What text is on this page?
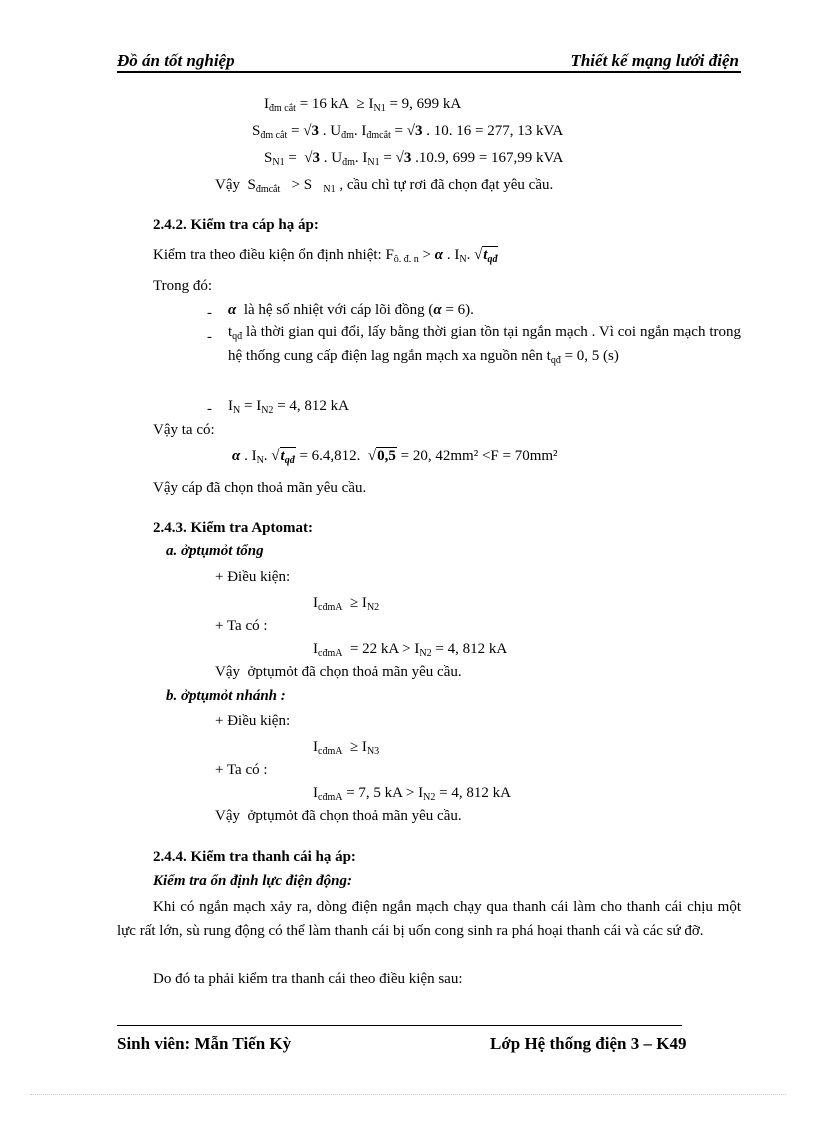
Đồ án tốt nghiệp	Thiết kế mạng lưới điện
$I_{đm cắt} = 16$ kA  ≥ $I_{N1} = 9$, 699 kA
$S_{đm cắt} = √3$ . $U_{đm}$. $I_{đmcắt} = √3$ . 10. 16 = 277, 13 kVA
$S_{N1} = √3$ . $U_{đm}$. $I_{N1} = √3$ .10.9, 699 = 167,99 kVA
Vậy  $S_{đmcắt} > S$   $_{N1}$ , cầu chì tự rơi đã chọn đạt yêu cầu.
2.4.2. Kiểm tra cáp hạ áp:
Kiểm tra theo điều kiện ổn định nhiệt: $F_{ô. đ. n} > \alpha$ . $I_N$. $√t_{qđ}$
Trong đó:
- α  là hệ số nhiệt với cáp lõi đồng (α = 6).
- $t_{qđ}$ là thời gian qui đổi, lấy bằng thời gian tồn tại ngắn mạch . Vì coi ngắn mạch trong hệ thống cung cấp điện lag ngắn mạch xa nguồn nên $t_{qđ} = 0$, 5 (s)
- $I_N = I_{N2} = 4$, 812 kA
Vậy ta có:
α . $I_N$. $√t_{qđ} = 6.4,812$.  √0,5 = 20, 42mm² <F = 70mm²
Vậy cáp đã chọn thoả mãn yêu cầu.
2.4.3. Kiểm tra Aptomat:
a. ởptụmỏt tổng
+ Điều kiện:
$I_{cđmA} \ge I_{N2}$
+ Ta có :
$I_{cđmA} = 22$ kA > $I_{N2} = 4$, 812 kA
Vậy  ởptụmỏt đã chọn thoả mãn yêu cầu.
b. ởptụmỏt nhánh :
+ Điều kiện:
$I_{cđmA} \ge I_{N3}$
+ Ta có :
$I_{cđmA} = 7$, 5 kA > $I_{N2} = 4$, 812 kA
Vậy  ởptụmỏt đã chọn thoả mãn yêu cầu.
2.4.4. Kiểm tra thanh cái hạ áp:
Kiểm tra ổn định lực điện động:
Khi có ngắn mạch xảy ra, dòng điện ngắn mạch chạy qua thanh cái làm cho thanh cái chịu một lực rất lớn, sù rung động có thể làm thanh cái bị uốn cong sinh ra phá hoại thanh cái và các sứ đỡ.
Do đó ta phải kiểm tra thanh cái theo điều kiện sau:
Sinh viên: Mẫn Tiến Kỳ	Lớp Hệ thống điện 3 – K49
